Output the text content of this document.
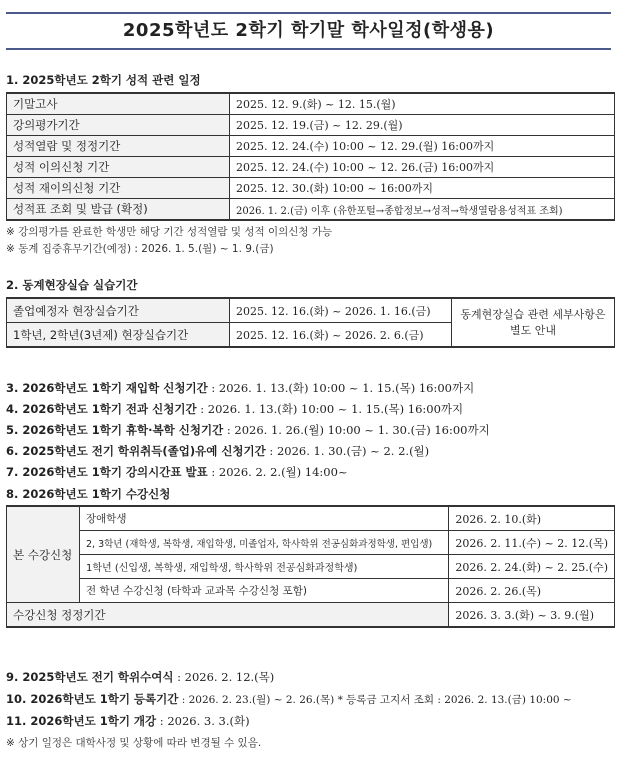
2025학년도 2학기 학기말 학사일정(학생용)
1. 2025학년도 2학기 성적 관련 일정
기말고사	2025. 12. 9.(화) ~ 12. 15.(월)
강의평가기간	2025. 12. 19.(금) ~ 12. 29.(월)
성적열람 및 정정기간	2025. 12. 24.(수) 10:00 ~ 12. 29.(월) 16:00까지
성적 이의신청 기간	2025. 12. 24.(수) 10:00 ~ 12. 26.(금) 16:00까지
성적 재이의신청 기간	2025. 12. 30.(화) 10:00 ~ 16:00까지
성적표 조회 및 발급 (확정)	2026. 1. 2.(금) 이후 (유한포털→종합정보→성적→학생열람용성적표 조회)
※ 강의평가를 완료한 학생만 해당 기간 성적열람 및 성적 이의신청 가능
※ 동계 집중휴무기간(예정) : 2026. 1. 5.(월) ~ 1. 9.(금)
2. 동계현장실습 실습기간
졸업예정자 현장실습기간	2025. 12. 16.(화) ~ 2026. 1. 16.(금)	동계현장실습 관련 세부사항은 별도 안내
1학년, 2학년(3년제) 현장실습기간	2025. 12. 16.(화) ~ 2026. 2. 6.(금)	
3. 2026학년도 1학기 재입학 신청기간 : 2026. 1. 13.(화) 10:00 ~ 1. 15.(목) 16:00까지
4. 2026학년도 1학기 전과 신청기간 : 2026. 1. 13.(화) 10:00 ~ 1. 15.(목) 16:00까지
5. 2026학년도 1학기 휴학·복학 신청기간 : 2026. 1. 26.(월) 10:00 ~ 1. 30.(금) 16:00까지
6. 2025학년도 전기 학위취득(졸업)유예 신청기간 : 2026. 1. 30.(금) ~ 2. 2.(월)
7. 2026학년도 1학기 강의시간표 발표 : 2026. 2. 2.(월) 14:00~
8. 2026학년도 1학기 수강신청
본 수강신청	장애학생	2026. 2. 10.(화)
	2, 3학년 (재학생, 복학생, 재입학생, 미졸업자, 학사학위 전공심화과정학생, 편입생)	2026. 2. 11.(수) ~ 2. 12.(목)
	1학년 (신입생, 복학생, 재입학생, 학사학위 전공심화과정학생)	2026. 2. 24.(화) ~ 2. 25.(수)
	전 학년 수강신청 (타학과 교과목 수강신청 포함)	2026. 2. 26.(목)
수강신청 정정기간		2026. 3. 3.(화) ~ 3. 9.(월)
9. 2025학년도 전기 학위수여식 : 2026. 2. 12.(목)
10. 2026학년도 1학기 등록기간 : 2026. 2. 23.(월) ~ 2. 26.(목) * 등록금 고지서 조회 : 2026. 2. 13.(금) 10:00 ~
11. 2026학년도 1학기 개강 : 2026. 3. 3.(화)
※ 상기 일정은 대학사정 및 상황에 따라 변경될 수 있음.
